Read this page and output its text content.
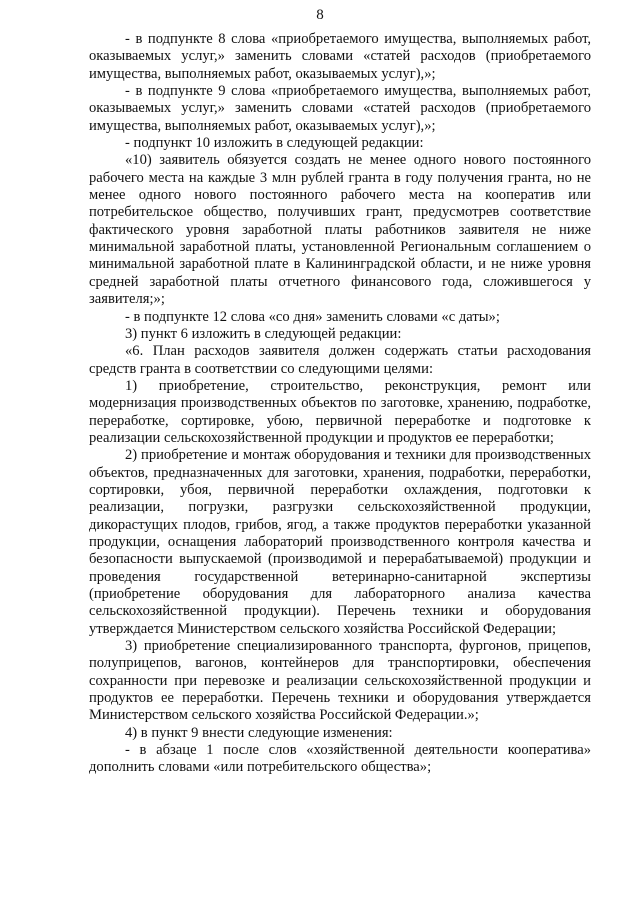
8

- в подпункте 8 слова «приобретаемого имущества, выполняемых работ, оказываемых услуг,» заменить словами «статей расходов (приобретаемого имущества, выполняемых работ, оказываемых услуг),»;

- в подпункте 9 слова «приобретаемого имущества, выполняемых работ, оказываемых услуг,» заменить словами «статей расходов (приобретаемого имущества, выполняемых работ, оказываемых услуг),»;

- подпункт 10 изложить в следующей редакции:

«10) заявитель обязуется создать не менее одного нового постоянного рабочего места на каждые 3 млн рублей гранта в году получения гранта, но не менее одного нового постоянного рабочего места на кооператив или потребительское общество, получивших грант, предусмотрев соответствие фактического уровня заработной платы работников заявителя не ниже минимальной заработной платы, установленной Региональным соглашением о минимальной заработной плате в Калининградской области, и не ниже уровня средней заработной платы отчетного финансового года, сложившегося у заявителя;»;

- в подпункте 12 слова «со дня» заменить словами «с даты»;

3) пункт 6 изложить в следующей редакции:

«6. План расходов заявителя должен содержать статьи расходования средств гранта в соответствии со следующими целями:

1) приобретение, строительство, реконструкция, ремонт или модернизация производственных объектов по заготовке, хранению, подработке, переработке, сортировке, убою, первичной переработке и подготовке к реализации сельскохозяйственной продукции и продуктов ее переработки;

2) приобретение и монтаж оборудования и техники для производственных объектов, предназначенных для заготовки, хранения, подработки, переработки, сортировки, убоя, первичной переработки охлаждения, подготовки к реализации, погрузки, разгрузки сельскохозяйственной продукции, дикорастущих плодов, грибов, ягод, а также продуктов переработки указанной продукции, оснащения лабораторий производственного контроля качества и безопасности выпускаемой (производимой и перерабатываемой) продукции и проведения государственной ветеринарно-санитарной экспертизы (приобретение оборудования для лабораторного анализа качества сельскохозяйственной продукции). Перечень техники и оборудования утверждается Министерством сельского хозяйства Российской Федерации;

3) приобретение специализированного транспорта, фургонов, прицепов, полуприцепов, вагонов, контейнеров для транспортировки, обеспечения сохранности при перевозке и реализации сельскохозяйственной продукции и продуктов ее переработки. Перечень техники и оборудования утверждается Министерством сельского хозяйства Российской Федерации.»;

4) в пункт 9 внести следующие изменения:

- в абзаце 1 после слов «хозяйственной деятельности кооператива» дополнить словами «или потребительского общества»;
